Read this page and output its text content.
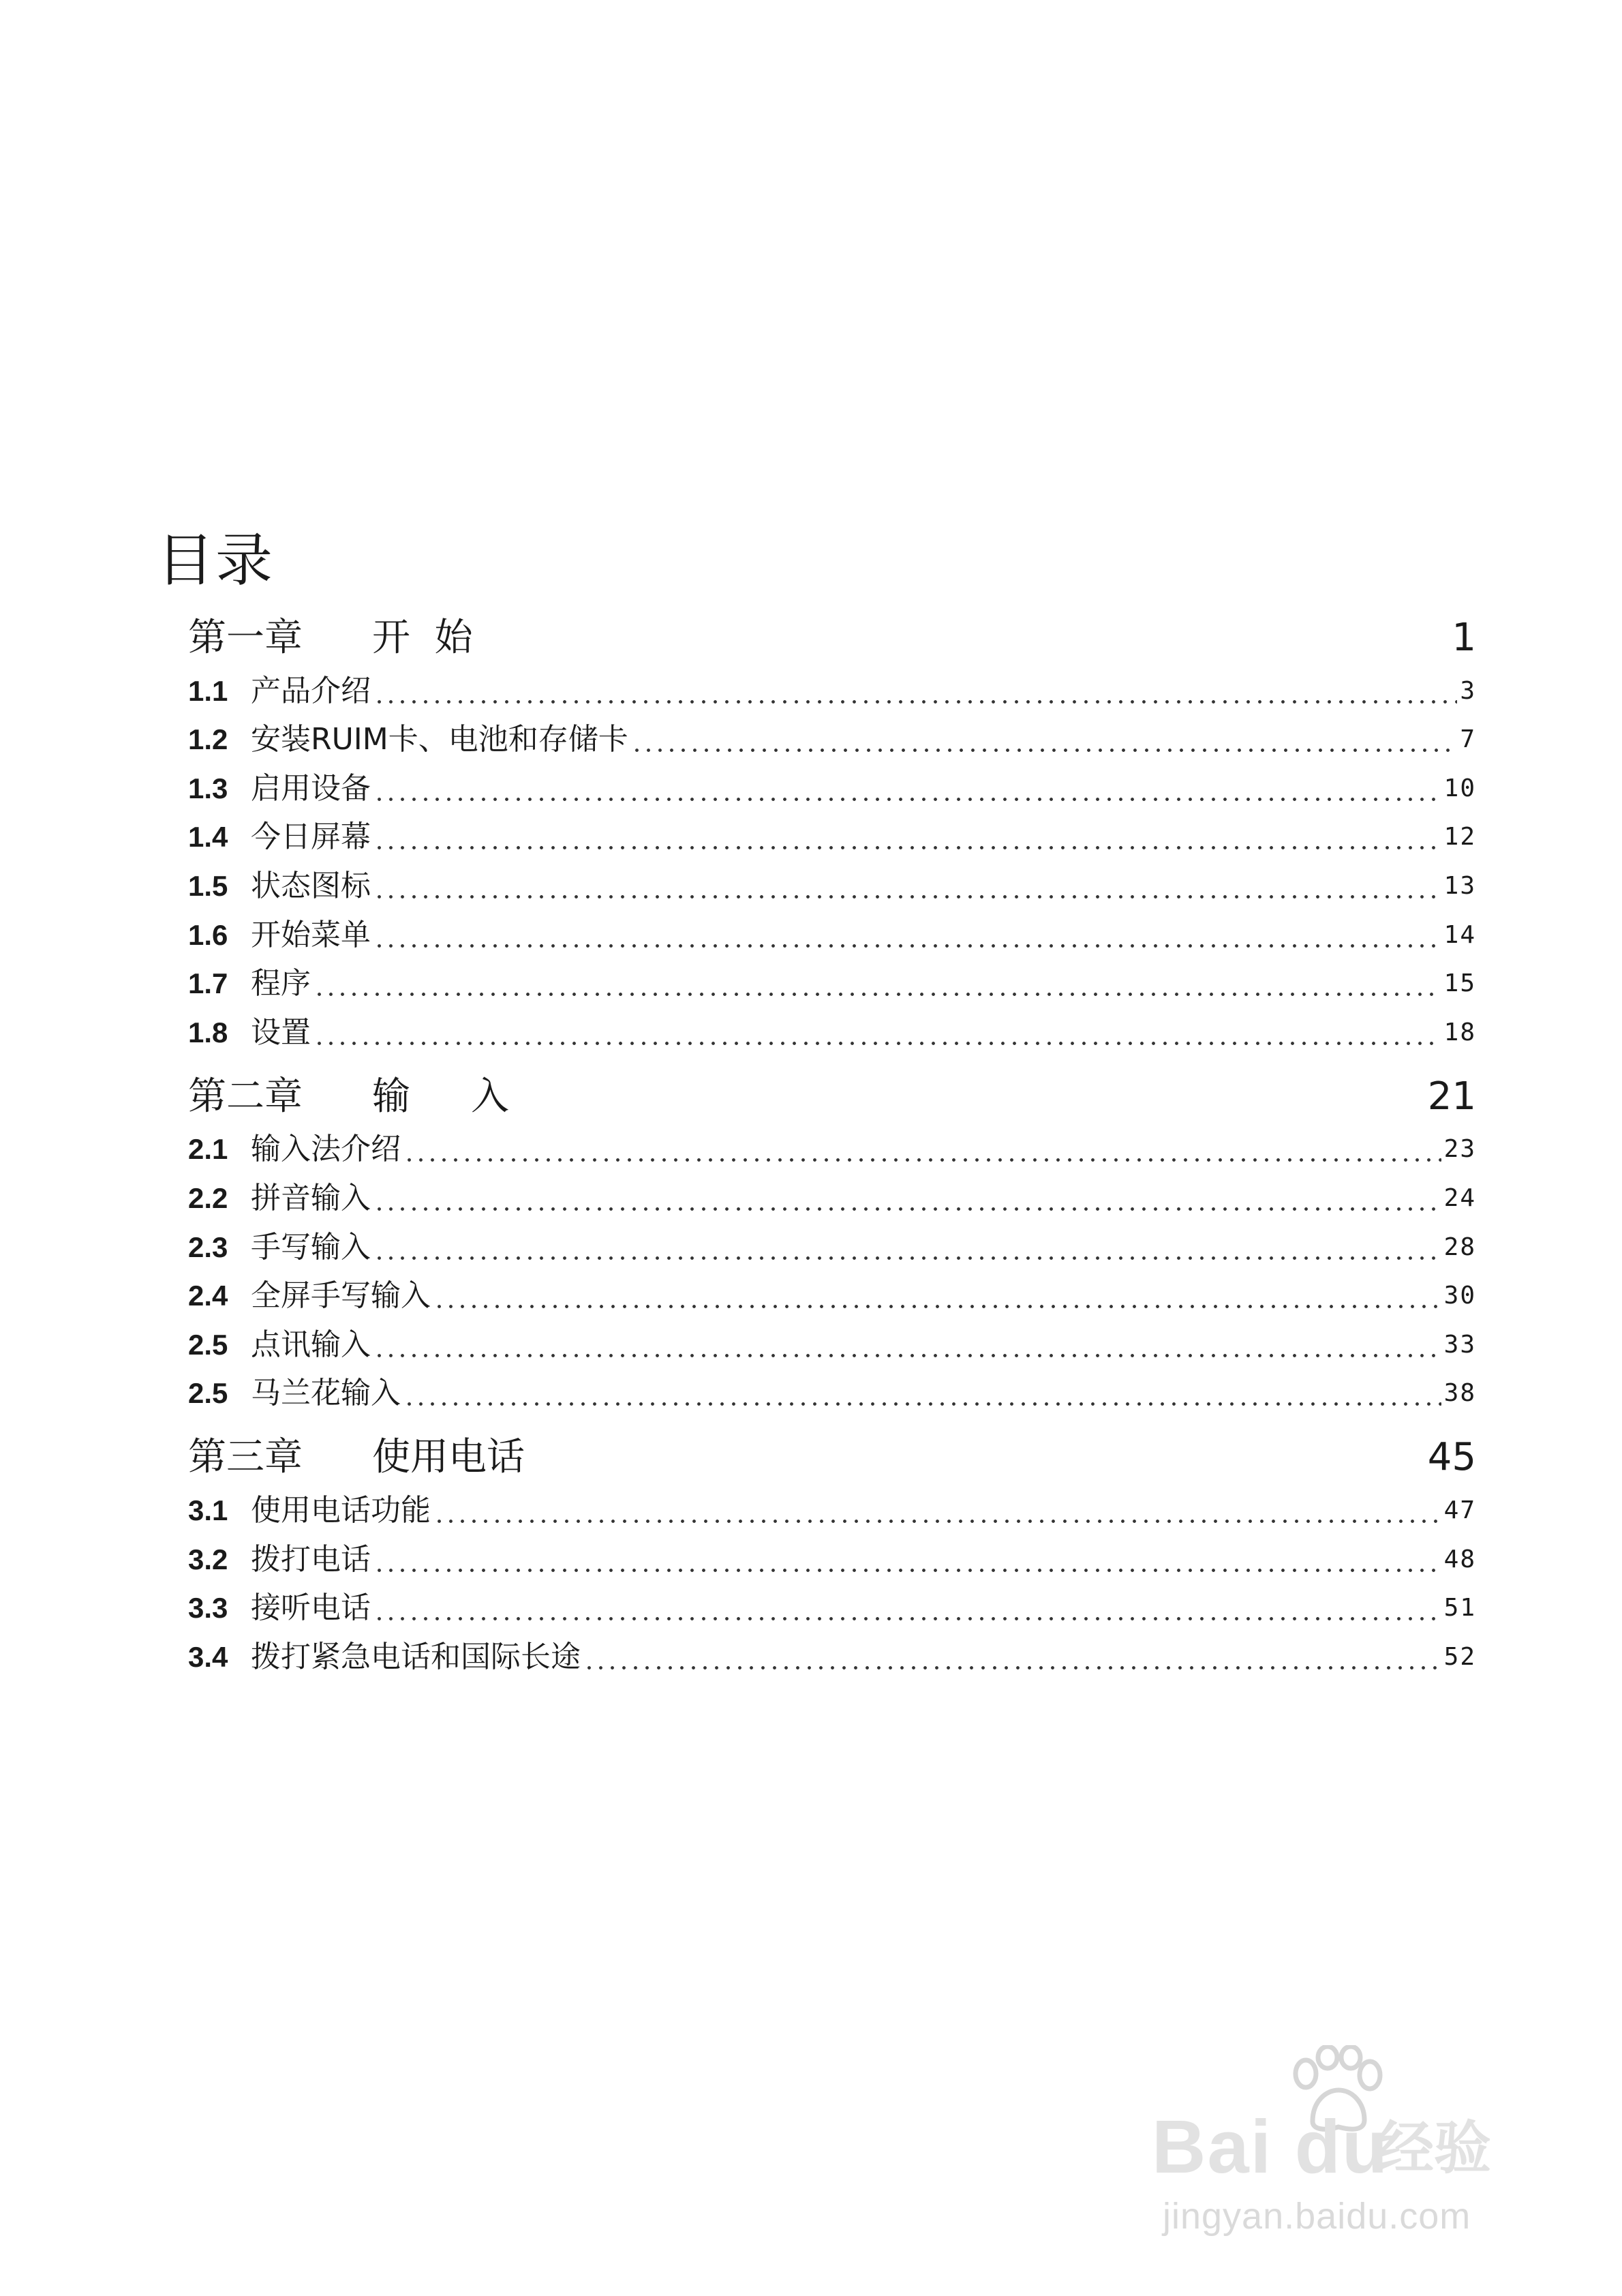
目录
第一章	开  始	1
1.1 产品介绍	3
1.2 安装RUIM卡、电池和存储卡	7
1.3 启用设备	10
1.4 今日屏幕	12
1.5 状态图标	13
1.6 开始菜单	14
1.7 程序	15
1.8 设置	18
第二章	输     入	21
2.1 输入法介绍	23
2.2 拼音输入	24
2.3 手写输入	28
2.4 全屏手写输入	30
2.5 点讯输入	33
2.5 马兰花输入	38
第三章	使用电话	45
3.1 使用电话功能	47
3.2 拨打电话	48
3.3 接听电话	51
3.4 拨打紧急电话和国际长途	52
Bai du
经验
jingyan.baidu.com
